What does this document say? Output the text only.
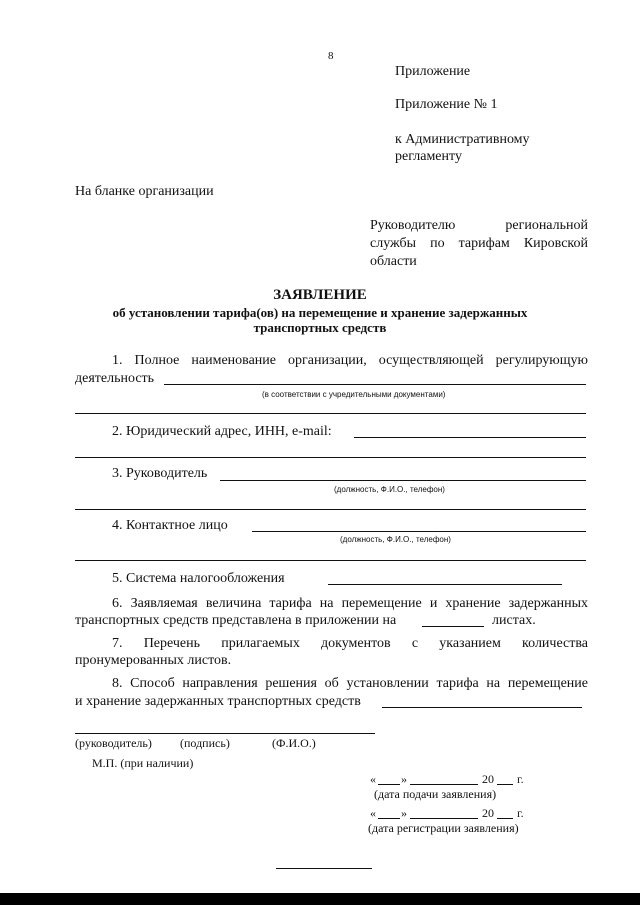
8
Приложение
Приложение № 1
к Административному
регламенту
На бланке организации
Руководителю региональной
службы по тарифам Кировской
области
ЗАЯВЛЕНИЕ
об установлении тарифа(ов) на перемещение и хранение задержанных
транспортных средств
1. Полное наименование организации, осуществляющей регулирующую
деятельность
(в соответствии с учредительными документами)
2. Юридический адрес, ИНН, e-mail:
3. Руководитель
(должность, Ф.И.О., телефон)
4. Контактное лицо
(должность, Ф.И.О., телефон)
5. Система налогообложения
6. Заявляемая величина тарифа на перемещение и хранение задержанных
транспортных средств представлена в приложении на	листах.
7. Перечень прилагаемых документов с указанием количества
пронумерованных листов.
8. Способ направления решения об установлении тарифа на перемещение
и хранение задержанных транспортных средств
(руководитель) (подпись)	(Ф.И.О.)
М.П. (при наличии)
« »	20 г.
(дата подачи заявления)
« »	20 г.
(дата регистрации заявления)
